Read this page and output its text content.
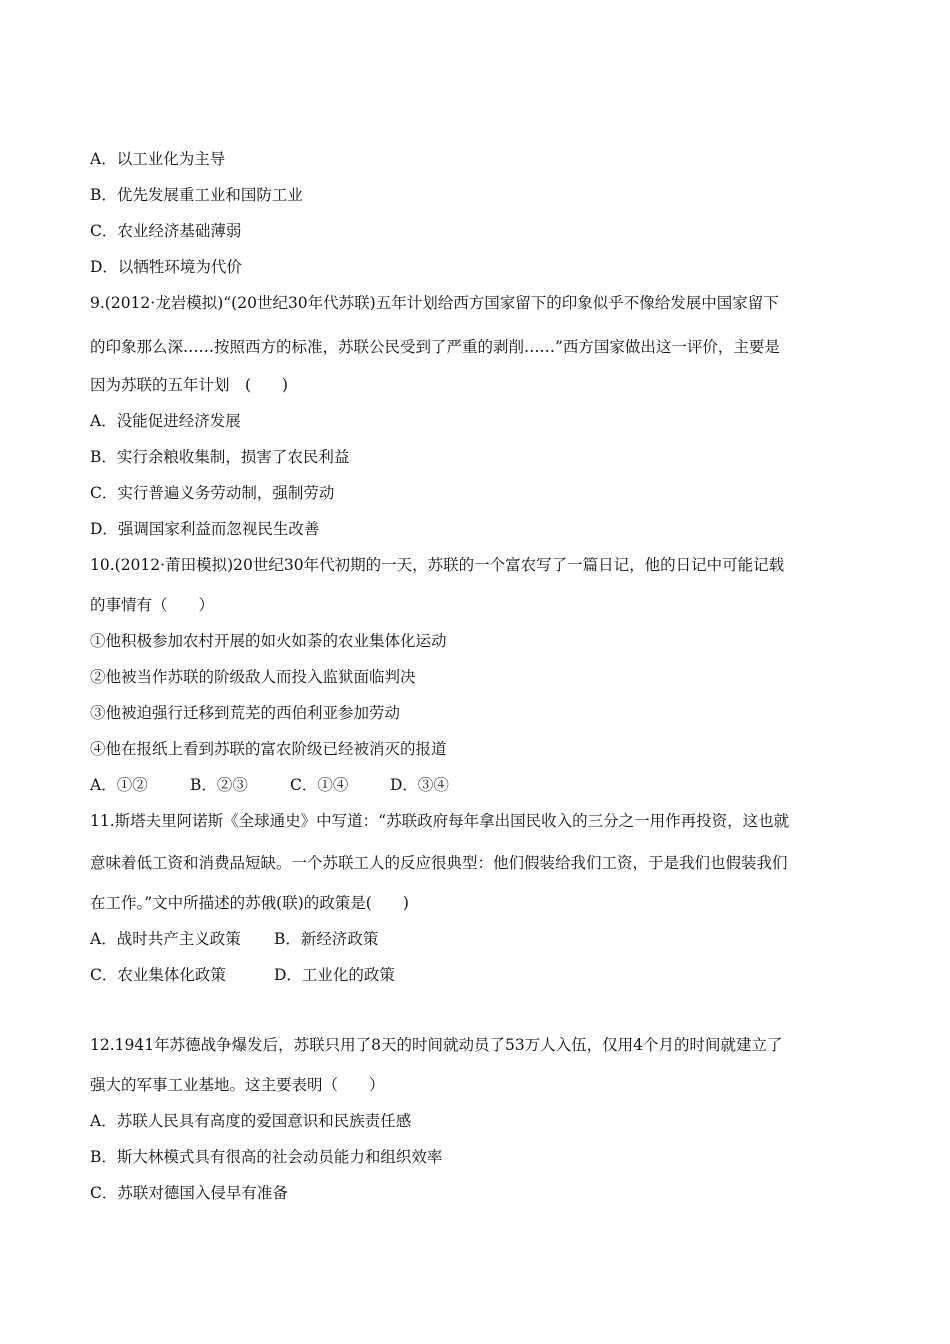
A．以工业化为主导
B．优先发展重工业和国防工业
C．农业经济基础薄弱
D．以牺牲环境为代价
9.(2012·龙岩模拟)“(20世纪30年代苏联)五年计划给西方国家留下的印象似乎不像给发展中国家留下
的印象那么深……按照西方的标准，苏联公民受到了严重的剥削……”西方国家做出这一评价，主要是
因为苏联的五年计划　(　　)
A．没能促进经济发展
B．实行余粮收集制，损害了农民利益
C．实行普遍义务劳动制，强制劳动
D．强调国家利益而忽视民生改善
10.(2012·莆田模拟)20世纪30年代初期的一天，苏联的一个富农写了一篇日记，他的日记中可能记载
的事情有（　　）
①他积极参加农村开展的如火如荼的农业集体化运动
②他被当作苏联的阶级敌人而投入监狱面临判决
③他被迫强行迁移到荒芜的西伯利亚参加劳动
④他在报纸上看到苏联的富农阶级已经被消灭的报道
A．①②	B．②③	C．①④	D．③④
11.斯塔夫里阿诺斯《全球通史》中写道：“苏联政府每年拿出国民收入的三分之一用作再投资，这也就
意味着低工资和消费品短缺。一个苏联工人的反应很典型：他们假装给我们工资，于是我们也假装我们
在工作。”文中所描述的苏俄(联)的政策是(　　)
A．战时共产主义政策 B．新经济政策
C．农业集体化政策	D．工业化的政策
12.1941年苏德战争爆发后，苏联只用了8天的时间就动员了53万人入伍，仅用4个月的时间就建立了
强大的军事工业基地。这主要表明（　　）
A．苏联人民具有高度的爱国意识和民族责任感
B．斯大林模式具有很高的社会动员能力和组织效率
C．苏联对德国入侵早有准备
